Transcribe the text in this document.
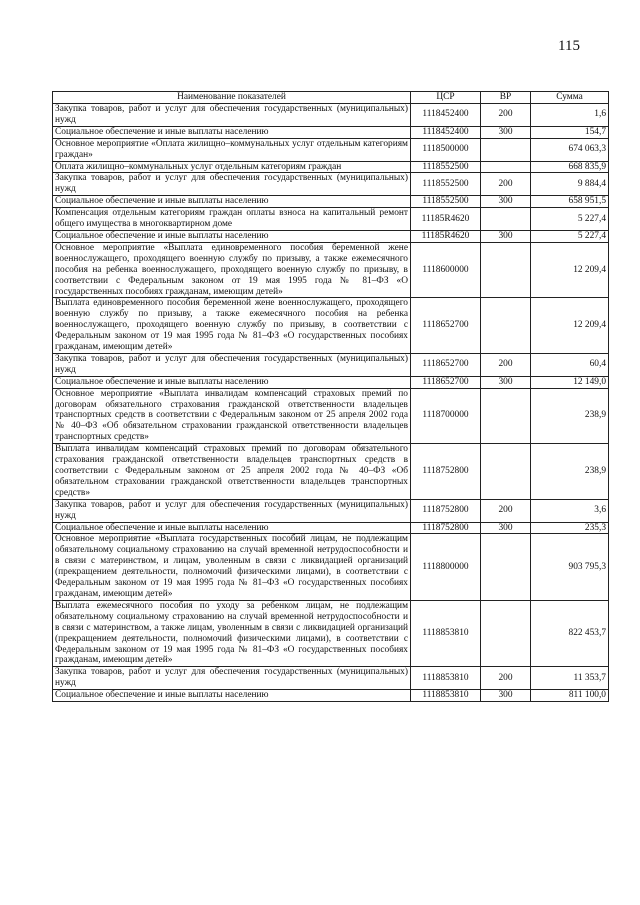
115
Наименование показателей	ЦСР	ВР	Сумма
Закупка товаров, работ и услуг для обеспечения государственных (муниципальных) нужд	1118452400	200	1,6
Социальное обеспечение и иные выплаты населению	1118452400	300	154,7
Основное мероприятие «Оплата жилищно–коммунальных услуг отдельным категориям граждан»	1118500000		674 063,3
Оплата жилищно–коммунальных услуг отдельным категориям граждан	1118552500		668 835,9
Закупка товаров, работ и услуг для обеспечения государственных (муниципальных) нужд	1118552500	200	9 884,4
Социальное обеспечение и иные выплаты населению	1118552500	300	658 951,5
Компенсация отдельным категориям граждан оплаты взноса на капитальный ремонт общего имущества в многоквартирном доме	11185R4620		5 227,4
Социальное обеспечение и иные выплаты населению	11185R4620	300	5 227,4
Основное мероприятие «Выплата единовременного пособия беременной жене военнослужащего, проходящего военную службу по призыву, а также ежемесячного пособия на ребенка военнослужащего, проходящего военную службу по призыву, в соответствии с Федеральным законом от 19 мая 1995 года № 81–ФЗ «О государственных пособиях гражданам, имеющим детей»	1118600000		12 209,4
Выплата единовременного пособия беременной жене военнослужащего, проходящего военную службу по призыву, а также ежемесячного пособия на ребенка военнослужащего, проходящего военную службу по призыву, в соответствии с Федеральным законом от 19 мая 1995 года № 81–ФЗ «О государственных пособиях гражданам, имеющим детей»	1118652700		12 209,4
Закупка товаров, работ и услуг для обеспечения государственных (муниципальных) нужд	1118652700	200	60,4
Социальное обеспечение и иные выплаты населению	1118652700	300	12 149,0
Основное мероприятие «Выплата инвалидам компенсаций страховых премий по договорам обязательного страхования гражданской ответственности владельцев транспортных средств в соответствии с Федеральным законом от 25 апреля 2002 года № 40–ФЗ «Об обязательном страховании гражданской ответственности владельцев транспортных средств»	1118700000		238,9
Выплата инвалидам компенсаций страховых премий по договорам обязательного страхования гражданской ответственности владельцев транспортных средств в соответствии с Федеральным законом от 25 апреля 2002 года № 40–ФЗ «Об обязательном страховании гражданской ответственности владельцев транспортных средств»	1118752800		238,9
Закупка товаров, работ и услуг для обеспечения государственных (муниципальных) нужд	1118752800	200	3,6
Социальное обеспечение и иные выплаты населению	1118752800	300	235,3
Основное мероприятие «Выплата государственных пособий лицам, не подлежащим обязательному социальному страхованию на случай временной нетрудоспособности и в связи с материнством, и лицам, уволенным в связи с ликвидацией организаций (прекращением деятельности, полномочий физическими лицами), в соответствии с Федеральным законом от 19 мая 1995 года № 81–ФЗ «О государственных пособиях гражданам, имеющим детей»	1118800000		903 795,3
Выплата ежемесячного пособия по уходу за ребенком лицам, не подлежащим обязательному социальному страхованию на случай временной нетрудоспособности и в связи с материнством, а также лицам, уволенным в связи с ликвидацией организаций (прекращением деятельности, полномочий физическими лицами), в соответствии с Федеральным законом от 19 мая 1995 года № 81–ФЗ «О государственных пособиях гражданам, имеющим детей»	1118853810		822 453,7
Закупка товаров, работ и услуг для обеспечения государственных (муниципальных) нужд	1118853810	200	11 353,7
Социальное обеспечение и иные выплаты населению	1118853810	300	811 100,0
